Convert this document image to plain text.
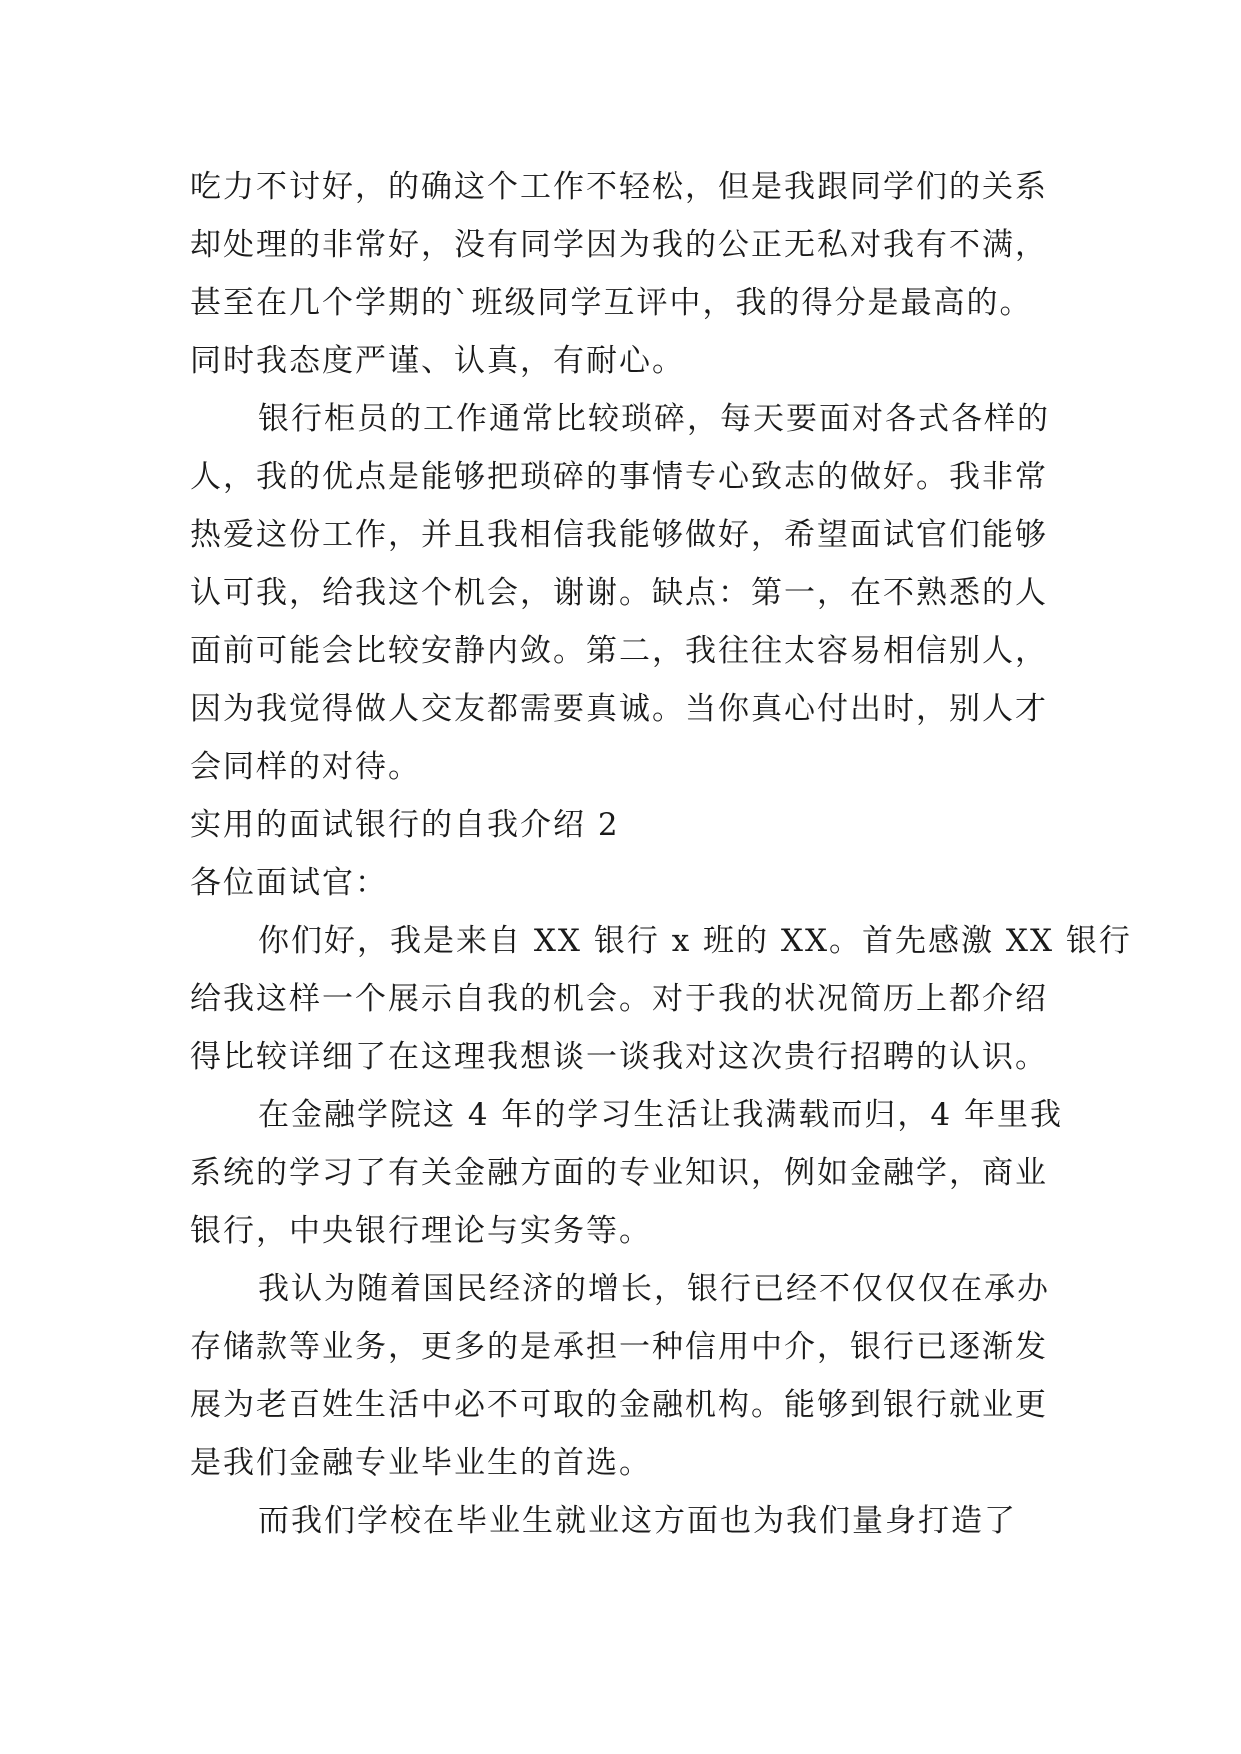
吃力不讨好，的确这个工作不轻松，但是我跟同学们的关系
却处理的非常好，没有同学因为我的公正无私对我有不满，
甚至在几个学期的`班级同学互评中，我的得分是最高的。
同时我态度严谨、认真，有耐心。

银行柜员的工作通常比较琐碎，每天要面对各式各样的
人，我的优点是能够把琐碎的事情专心致志的做好。我非常
热爱这份工作，并且我相信我能够做好，希望面试官们能够
认可我，给我这个机会，谢谢。缺点：第一，在不熟悉的人
面前可能会比较安静内敛。第二，我往往太容易相信别人，
因为我觉得做人交友都需要真诚。当你真心付出时，别人才
会同样的对待。

实用的面试银行的自我介绍 2

各位面试官：

你们好，我是来自 XX 银行 x 班的 XX。首先感激 XX 银行
给我这样一个展示自我的机会。对于我的状况简历上都介绍
得比较详细了在这理我想谈一谈我对这次贵行招聘的认识。

在金融学院这 4 年的学习生活让我满载而归，4 年里我
系统的学习了有关金融方面的专业知识，例如金融学，商业
银行，中央银行理论与实务等。

我认为随着国民经济的增长，银行已经不仅仅仅在承办
存储款等业务，更多的是承担一种信用中介，银行已逐渐发
展为老百姓生活中必不可取的金融机构。能够到银行就业更
是我们金融专业毕业生的首选。

而我们学校在毕业生就业这方面也为我们量身打造了
